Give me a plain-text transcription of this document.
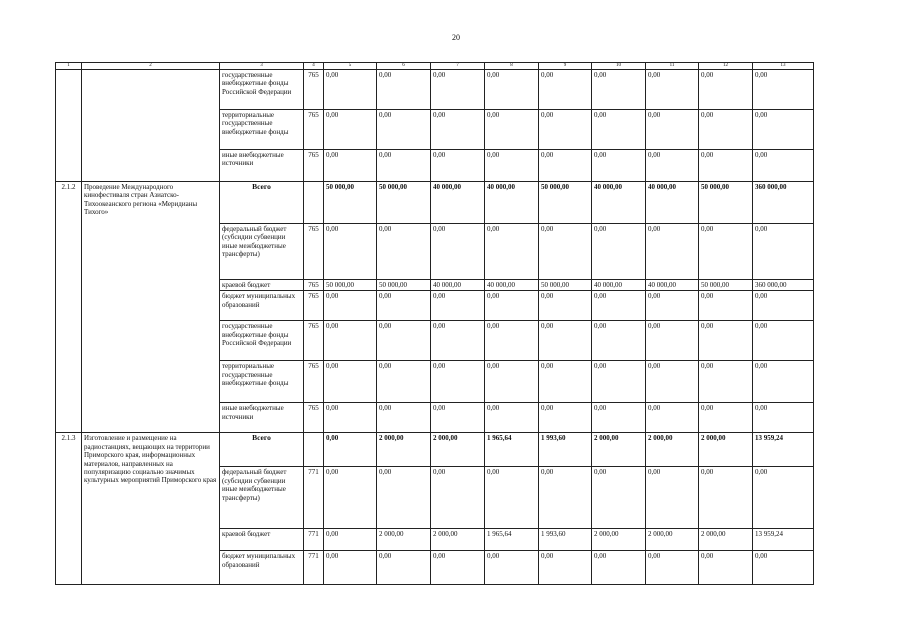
20
1	2	3	4	5	6	7	8	9	10	11	12	13
		государственные внебюджетные фонды Российской Федерации	765	0,00	0,00	0,00	0,00	0,00	0,00	0,00	0,00	0,00
		территориальные государственные внебюджетные фонды	765	0,00	0,00	0,00	0,00	0,00	0,00	0,00	0,00	0,00
		иные внебюджетные источники	765	0,00	0,00	0,00	0,00	0,00	0,00	0,00	0,00	0,00
2.1.2	Проведение Международного кинофестиваля стран Азиатско-Тихоокеанского региона «Меридианы Тихого»	Всего		50 000,00	50 000,00	40 000,00	40 000,00	50 000,00	40 000,00	40 000,00	50 000,00	360 000,00
		федеральный бюджет (субсидии субвенции иные межбюджетные трансферты)	765	0,00	0,00	0,00	0,00	0,00	0,00	0,00	0,00	0,00
		краевой бюджет	765	50 000,00	50 000,00	40 000,00	40 000,00	50 000,00	40 000,00	40 000,00	50 000,00	360 000,00
		бюджет муниципальных образований	765	0,00	0,00	0,00	0,00	0,00	0,00	0,00	0,00	0,00
		государственные внебюджетные фонды Российской Федерации	765	0,00	0,00	0,00	0,00	0,00	0,00	0,00	0,00	0,00
		территориальные государственные внебюджетные фонды	765	0,00	0,00	0,00	0,00	0,00	0,00	0,00	0,00	0,00
		иные внебюджетные источники	765	0,00	0,00	0,00	0,00	0,00	0,00	0,00	0,00	0,00
2.1.3	Изготовление и размещение на радиостанциях, вещающих на территории Приморского края, информационных материалов, направленных на популяризацию социально значимых культурных мероприятий Приморского края	Всего		0,00	2 000,00	2 000,00	1 965,64	1 993,60	2 000,00	2 000,00	2 000,00	13 959,24
		федеральный бюджет (субсидии субвенции иные межбюджетные трансферты)	771	0,00	0,00	0,00	0,00	0,00	0,00	0,00	0,00	0,00
		краевой бюджет	771	0,00	2 000,00	2 000,00	1 965,64	1 993,60	2 000,00	2 000,00	2 000,00	13 959,24
		бюджет муниципальных образований	771	0,00	0,00	0,00	0,00	0,00	0,00	0,00	0,00	0,00
